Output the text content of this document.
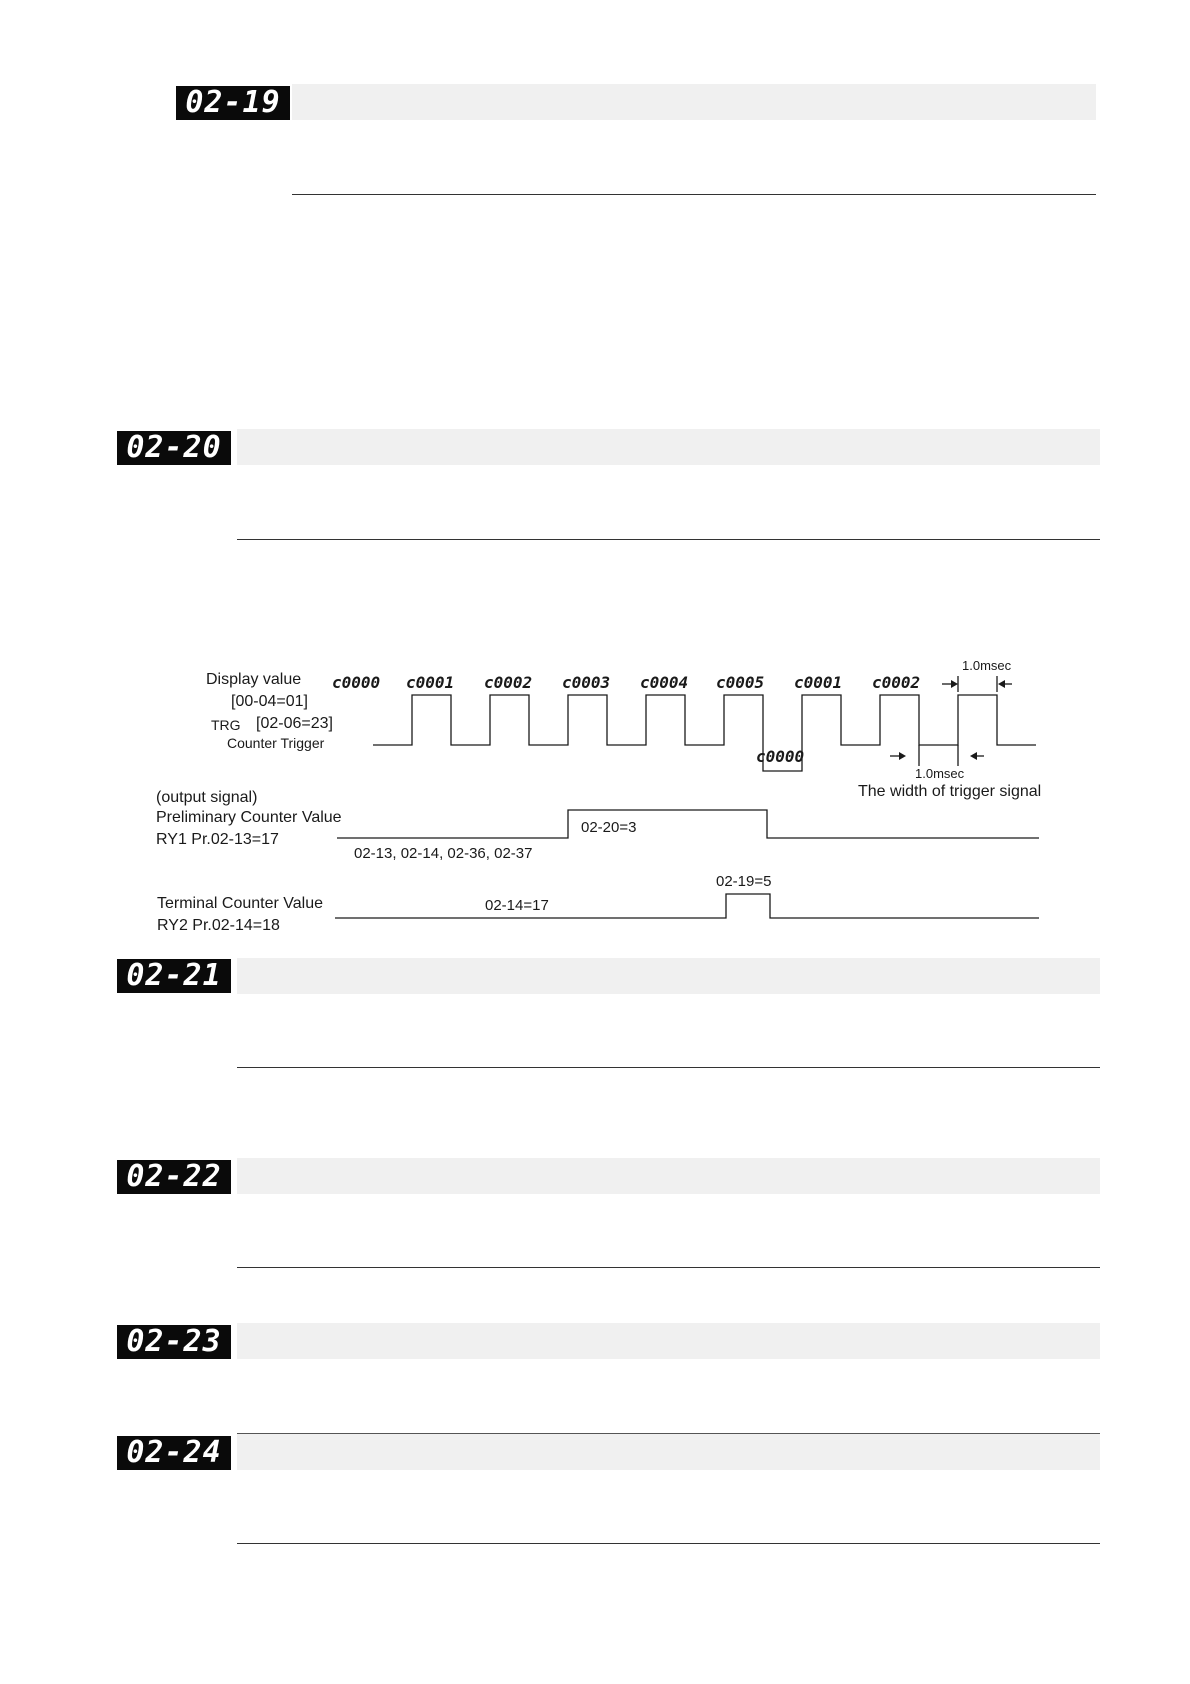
02-19
02-20
Display value
[00-04=01]
TRG [02-06=23]
Counter Trigger
c0000 c0001 c0002 c0003 c0004 c0005 c0001 c0002
c0000
1.0msec
1.0msec
The width of trigger signal
(output signal)
Preliminary Counter Value
RY1 Pr.02-13=17
02-20=3
02-13, 02-14, 02-36, 02-37
02-19=5
Terminal Counter Value	02-14=17
RY2 Pr.02-14=18
02-21
02-22
02-23
02-24
